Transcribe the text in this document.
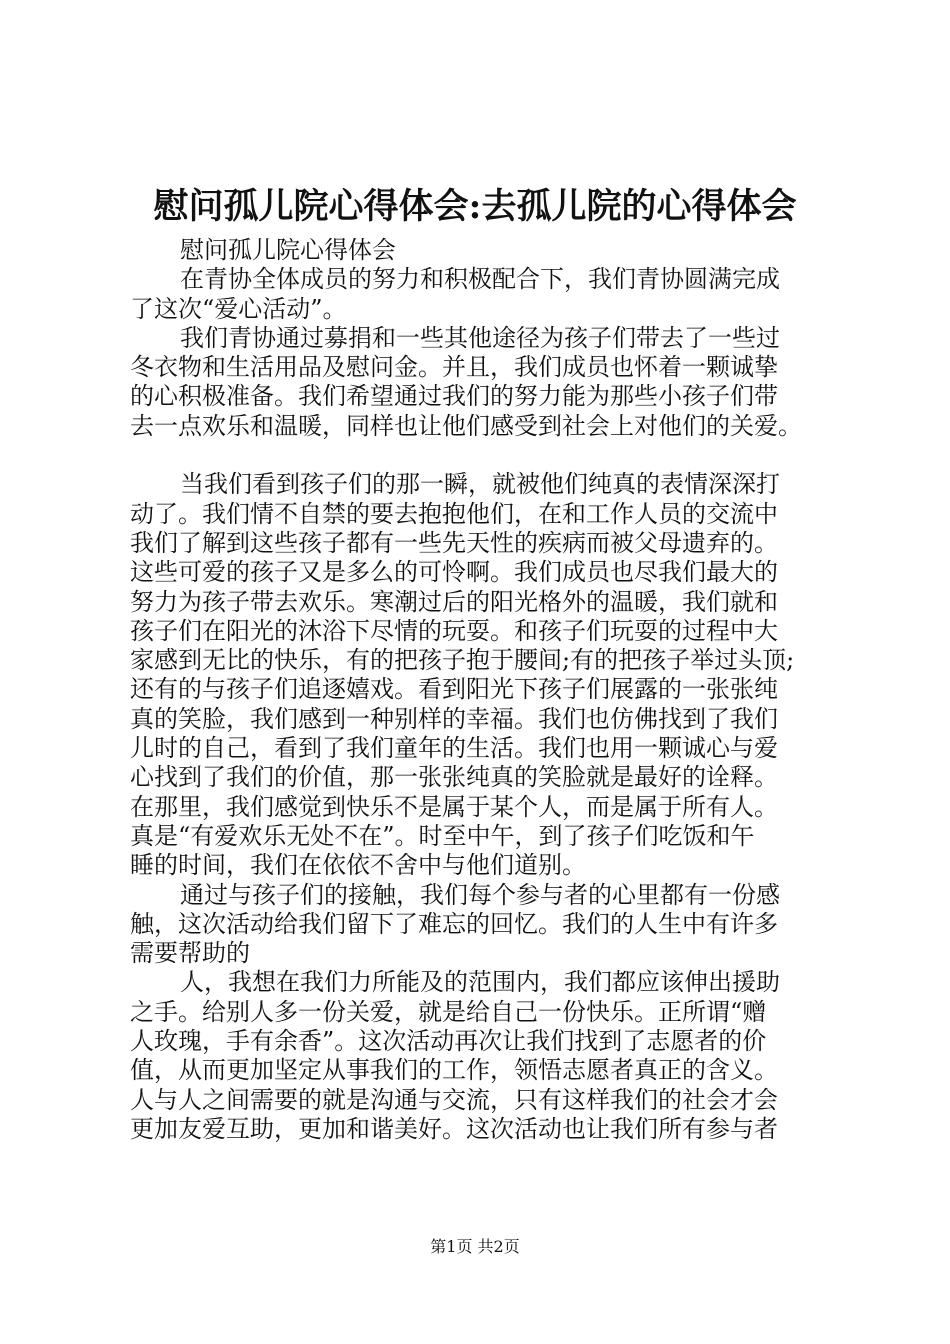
慰问孤儿院心得体会:去孤儿院的心得体会
慰问孤儿院心得体会
在青协全体成员的努力和积极配合下，我们青协圆满完成
了这次“爱心活动”。
我们青协通过募捐和一些其他途径为孩子们带去了一些过
冬衣物和生活用品及慰问金。并且，我们成员也怀着一颗诚挚
的心积极准备。我们希望通过我们的努力能为那些小孩子们带
去一点欢乐和温暖，同样也让他们感受到社会上对他们的关爱。
当我们看到孩子们的那一瞬，就被他们纯真的表情深深打
动了。我们情不自禁的要去抱抱他们，在和工作人员的交流中
我们了解到这些孩子都有一些先天性的疾病而被父母遗弃的。
这些可爱的孩子又是多么的可怜啊。我们成员也尽我们最大的
努力为孩子带去欢乐。寒潮过后的阳光格外的温暖，我们就和
孩子们在阳光的沐浴下尽情的玩耍。和孩子们玩耍的过程中大
家感到无比的快乐，有的把孩子抱于腰间;有的把孩子举过头顶;
还有的与孩子们追逐嬉戏。看到阳光下孩子们展露的一张张纯
真的笑脸，我们感到一种别样的幸福。我们也仿佛找到了我们
儿时的自己，看到了我们童年的生活。我们也用一颗诚心与爱
心找到了我们的价值，那一张张纯真的笑脸就是最好的诠释。
在那里，我们感觉到快乐不是属于某个人，而是属于所有人。
真是“有爱欢乐无处不在”。时至中午，到了孩子们吃饭和午
睡的时间，我们在依依不舍中与他们道别。
通过与孩子们的接触，我们每个参与者的心里都有一份感
触，这次活动给我们留下了难忘的回忆。我们的人生中有许多
需要帮助的
人，我想在我们力所能及的范围内，我们都应该伸出援助
之手。给别人多一份关爱，就是给自己一份快乐。正所谓“赠
人玫瑰，手有余香”。这次活动再次让我们找到了志愿者的价
值，从而更加坚定从事我们的工作，领悟志愿者真正的含义。
人与人之间需要的就是沟通与交流，只有这样我们的社会才会
更加友爱互助，更加和谐美好。这次活动也让我们所有参与者
第1页 共2页
